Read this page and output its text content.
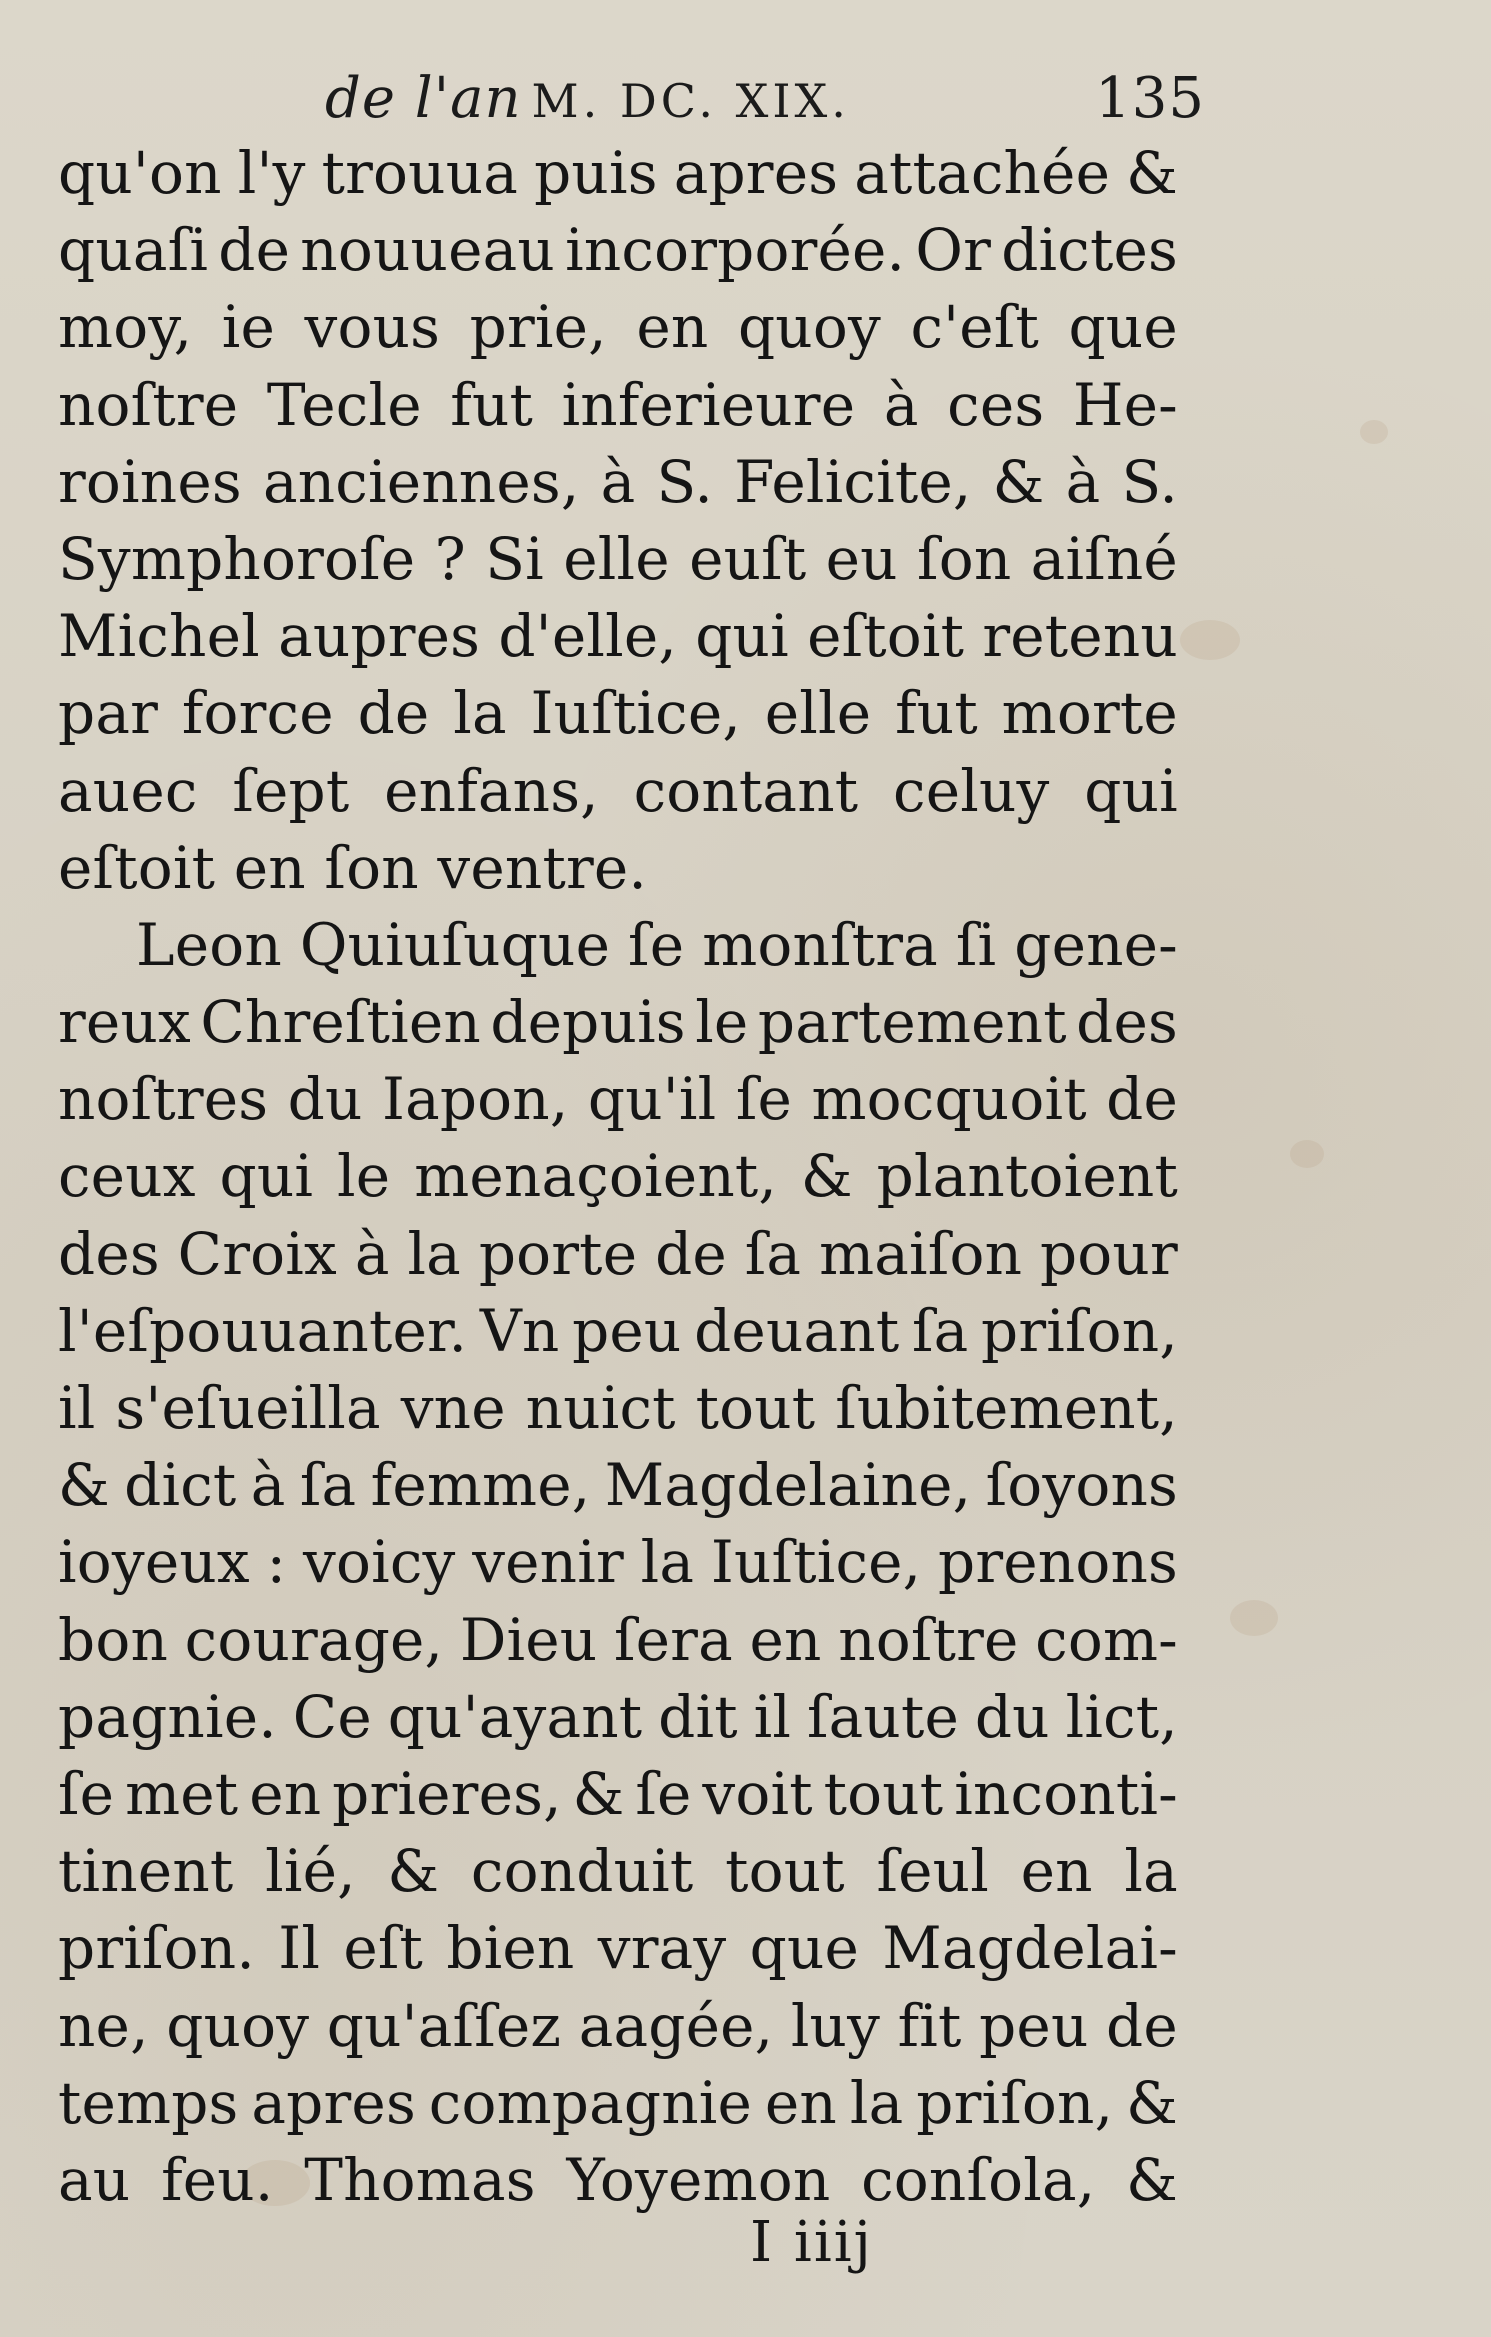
de l'an M. DC. XIX.	135
qu'on l'y trouua puis apres attachée &
quaſi de nouueau incorporée. Or dictes
moy, ie vous prie, en quoy c'eſt que
noſtre Tecle fut inferieure à ces He-
roines anciennes, à S. Felicite, & à S.
Symphoroſe ? Si elle euſt eu ſon aiſné
Michel aupres d'elle, qui eſtoit retenu
par force de la Iuſtice, elle fut morte
auec ſept enfans, contant celuy qui
eſtoit en ſon ventre.
Leon Quiuſuque ſe monſtra ſi gene-
reux Chreſtien depuis le partement des
noſtres du Iapon, qu'il ſe mocquoit de
ceux qui le menaçoient, & plantoient
des Croix à la porte de ſa maiſon pour
l'eſpouuanter. Vn peu deuant ſa priſon,
il s'eſueilla vne nuict tout ſubitement,
& dict à ſa femme, Magdelaine, ſoyons
ioyeux : voicy venir la Iuſtice, prenons
bon courage, Dieu ſera en noſtre com-
pagnie. Ce qu'ayant dit il ſaute du lict,
ſe met en prieres, & ſe voit tout inconti-
tinent lié, & conduit tout ſeul en la
priſon. Il eſt bien vray que Magdelai-
ne, quoy qu'aſſez aagée, luy fit peu de
temps apres compagnie en la priſon, &
au feu. Thomas Yoyemon conſola, &
I iiij
